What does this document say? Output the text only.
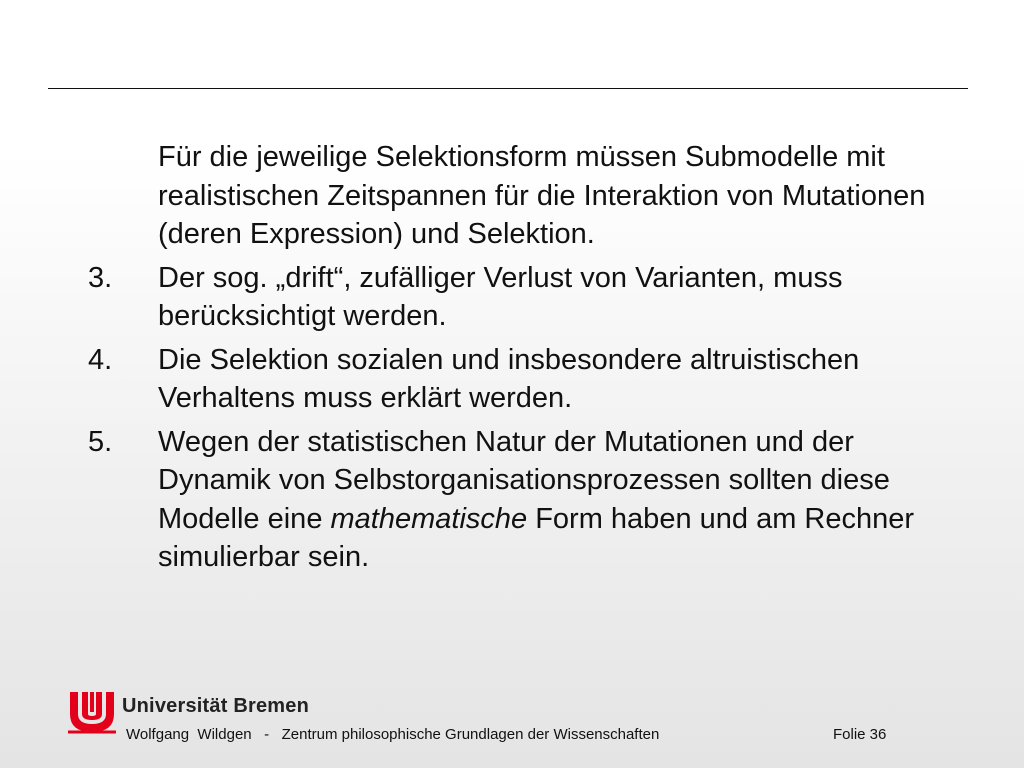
Für die jeweilige Selektionsform müssen Submodelle mit realistischen Zeitspannen für die Interaktion von Mutationen (deren Expression) und Selektion.
3.	Der sog. „drift“, zufälliger Verlust von Varianten, muss berücksichtigt werden.
4.	Die Selektion sozialen und insbesondere altruistischen Verhaltens muss erklärt werden.
5.	Wegen der statistischen Natur der Mutationen und der Dynamik von Selbstorganisationsprozessen sollten diese Modelle eine mathematische Form haben und am Rechner simulierbar sein.
Universität Bremen
Wolfgang  Wildgen   -   Zentrum philosophische Grundlagen der Wissenschaften	Folie 36
